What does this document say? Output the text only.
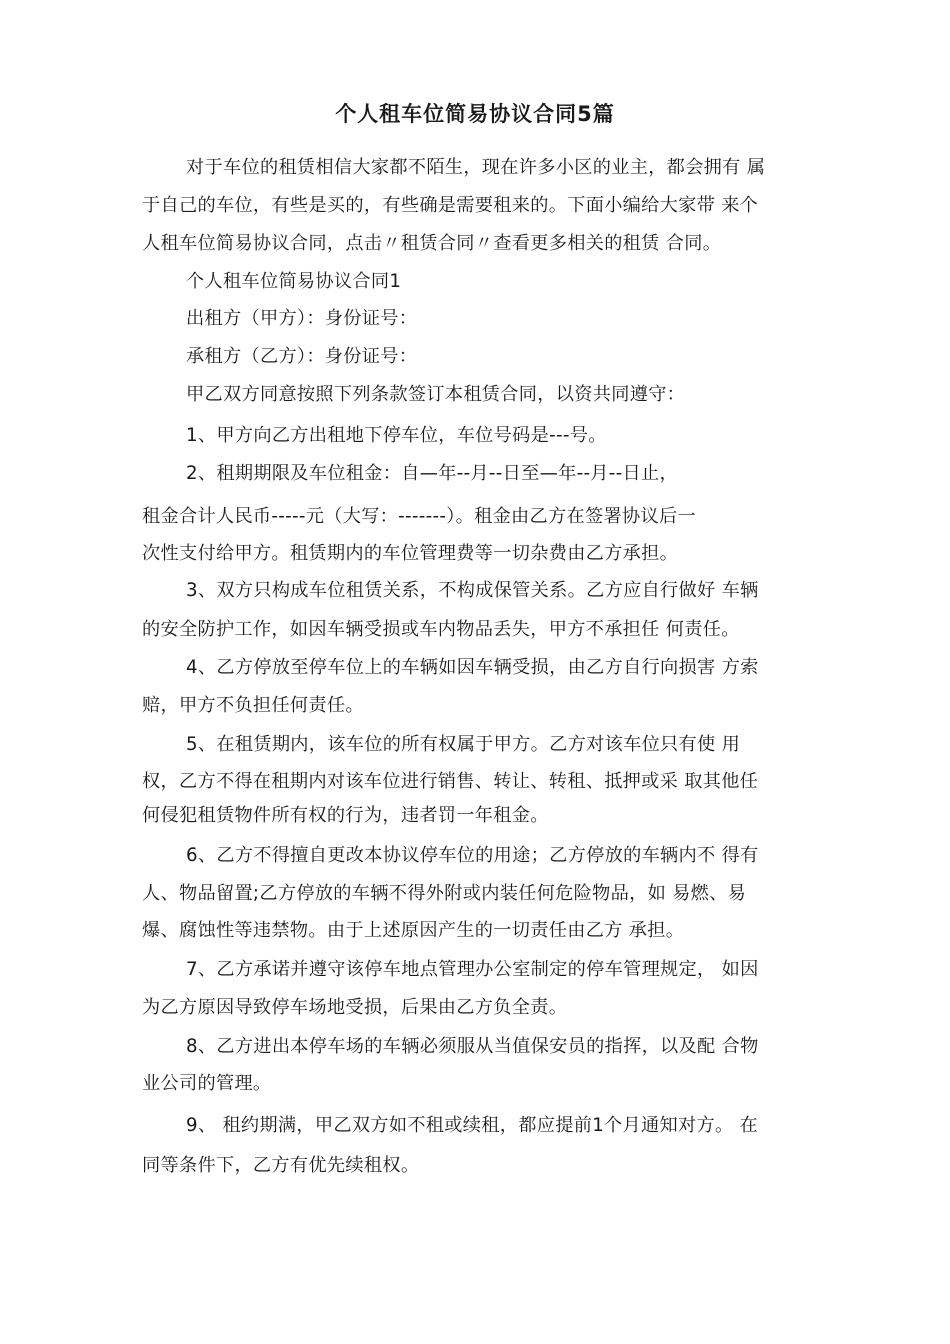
个人租车位简易协议合同5篇
对于车位的租赁相信大家都不陌生，现在许多小区的业主，都会拥有 属
于自己的车位，有些是买的，有些确是需要租来的。下面小编给大家带 来个
人租车位简易协议合同，点击〃租赁合同〃查看更多相关的租赁 合同。
个人租车位简易协议合同1
出租方（甲方）：身份证号：
承租方（乙方）：身份证号：
甲乙双方同意按照下列条款签订本租赁合同，以资共同遵守：
1、甲方向乙方出租地下停车位，车位号码是---号。
2、租期期限及车位租金：自—年--月--日至—年--月--日止，
租金合计人民币-----元（大写：-------）。租金由乙方在签署协议后一
次性支付给甲方。租赁期内的车位管理费等一切杂费由乙方承担。
3、双方只构成车位租赁关系，不构成保管关系。乙方应自行做好 车辆
的安全防护工作，如因车辆受损或车内物品丢失，甲方不承担任 何责任。
4、乙方停放至停车位上的车辆如因车辆受损，由乙方自行向损害 方索
赔，甲方不负担任何责任。
5、在租赁期内，该车位的所有权属于甲方。乙方对该车位只有使 用
权，乙方不得在租期内对该车位进行销售、转让、转租、抵押或采 取其他任
何侵犯租赁物件所有权的行为，违者罚一年租金。
6、乙方不得擅自更改本协议停车位的用途；乙方停放的车辆内不 得有
人、物品留置;乙方停放的车辆不得外附或内装任何危险物品，如 易燃、易
爆、腐蚀性等违禁物。由于上述原因产生的一切责任由乙方 承担。
7、乙方承诺并遵守该停车地点管理办公室制定的停车管理规定， 如因
为乙方原因导致停车场地受损，后果由乙方负全责。
8、乙方进出本停车场的车辆必须服从当值保安员的指挥，以及配 合物
业公司的管理。
9、 租约期满，甲乙双方如不租或续租，都应提前1个月通知对方。 在
同等条件下，乙方有优先续租权。
